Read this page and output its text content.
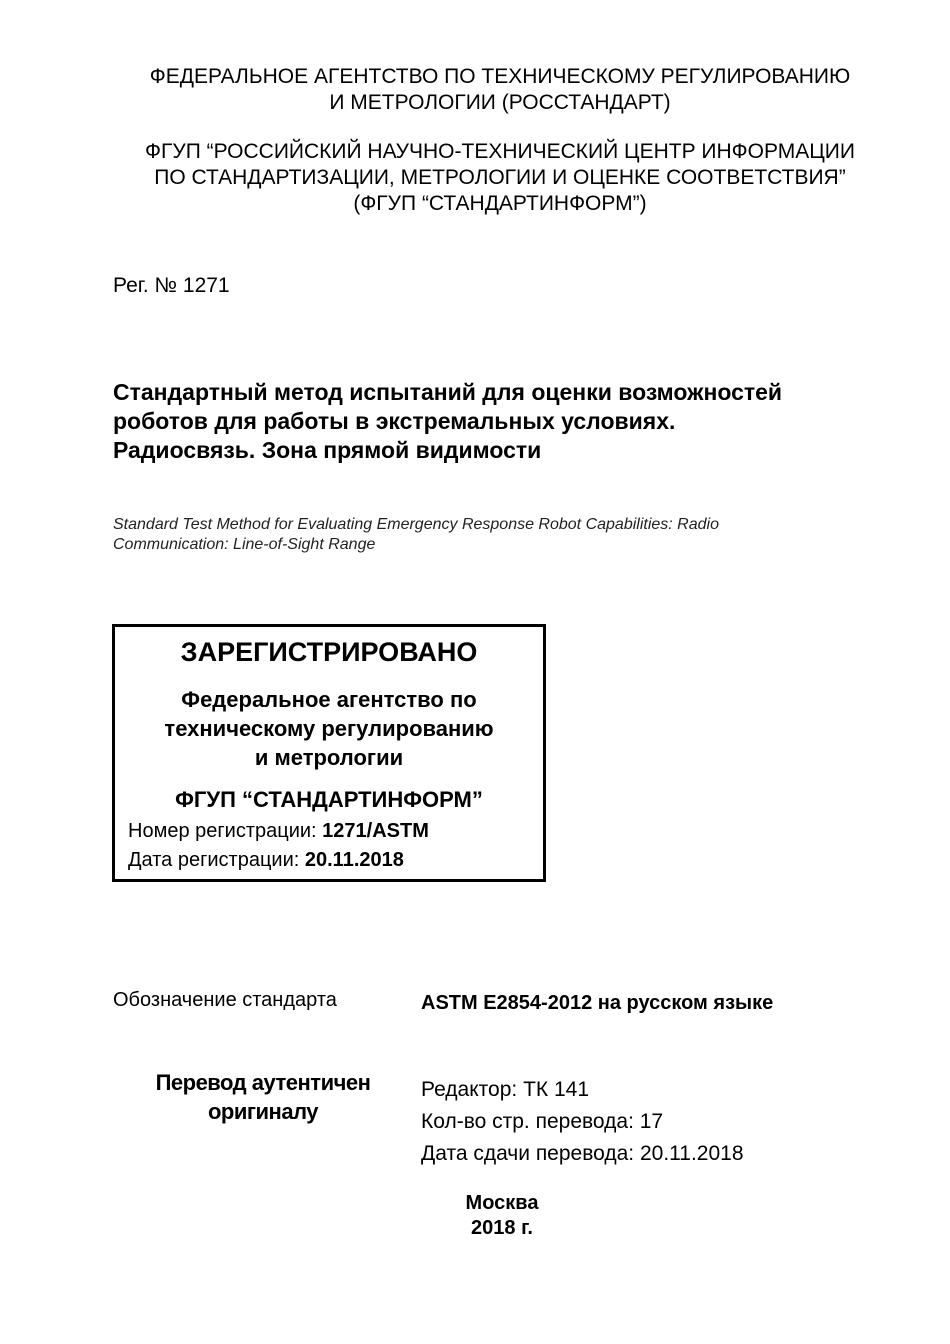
ФЕДЕРАЛЬНОЕ АГЕНТСТВО ПО ТЕХНИЧЕСКОМУ РЕГУЛИРОВАНИЮ
И МЕТРОЛОГИИ (РОССТАНДАРТ)
ФГУП “РОССИЙСКИЙ НАУЧНО-ТЕХНИЧЕСКИЙ ЦЕНТР ИНФОРМАЦИИ
ПО СТАНДАРТИЗАЦИИ, МЕТРОЛОГИИ И ОЦЕНКЕ СООТВЕТСТВИЯ”
(ФГУП “СТАНДАРТИНФОРМ”)
Рег. № 1271
Стандартный метод испытаний для оценки возможностей
роботов для работы в экстремальных условиях.
Радиосвязь. Зона прямой видимости
Standard Test Method for Evaluating Emergency Response Robot Capabilities: Radio
Communication: Line-of-Sight Range
ЗАРЕГИСТРИРОВАНО
Федеральное агентство по
техническому регулированию
и метрологии
ФГУП “СТАНДАРТИНФОРМ”
Номер регистрации: 1271/ASTM
Дата регистрации: 20.11.2018
Обозначение стандарта	ASTM E2854-2012 на русском языке
Перевод аутентичен
оригиналу
Редактор: ТК 141
Кол-во стр. перевода: 17
Дата сдачи перевода: 20.11.2018
Москва
2018 г.
